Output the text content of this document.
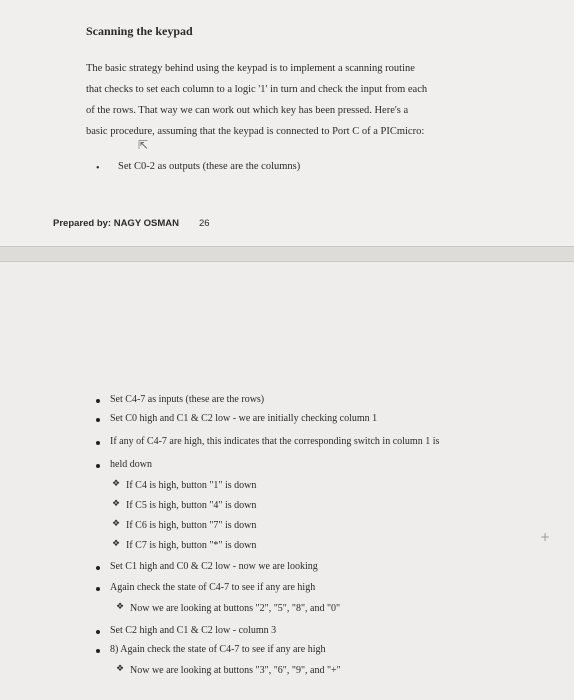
Scanning the keypad
The basic strategy behind using the keypad is to implement a scanning routine
that checks to set each column to a logic '1' in turn and check the input from each
of the rows. That way we can work out which key has been pressed. Here's a
basic procedure, assuming that the keypad is connected to Port C of a PICmicro:
⇱
• Set C0-2 as outputs (these are the columns)
Prepared by: NAGY OSMAN 26
Set C4-7 as inputs (these are the rows)
Set C0 high and C1 & C2 low - we are initially checking column 1
If any of C4-7 are high, this indicates that the corresponding switch in column 1 is
held down
❖ If C4 is high, button "1" is down
❖ If C5 is high, button "4" is down
❖ If C6 is high, button "7" is down
❖ If C7 is high, button "*" is down
Set C1 high and C0 & C2 low - now we are looking
Again check the state of C4-7 to see if any are high
❖ Now we are looking at buttons "2", "5", "8", and "0"
Set C2 high and C1 & C2 low - column 3
8) Again check the state of C4-7 to see if any are high
❖ Now we are looking at buttons "3", "6", "9", and "+"
+
